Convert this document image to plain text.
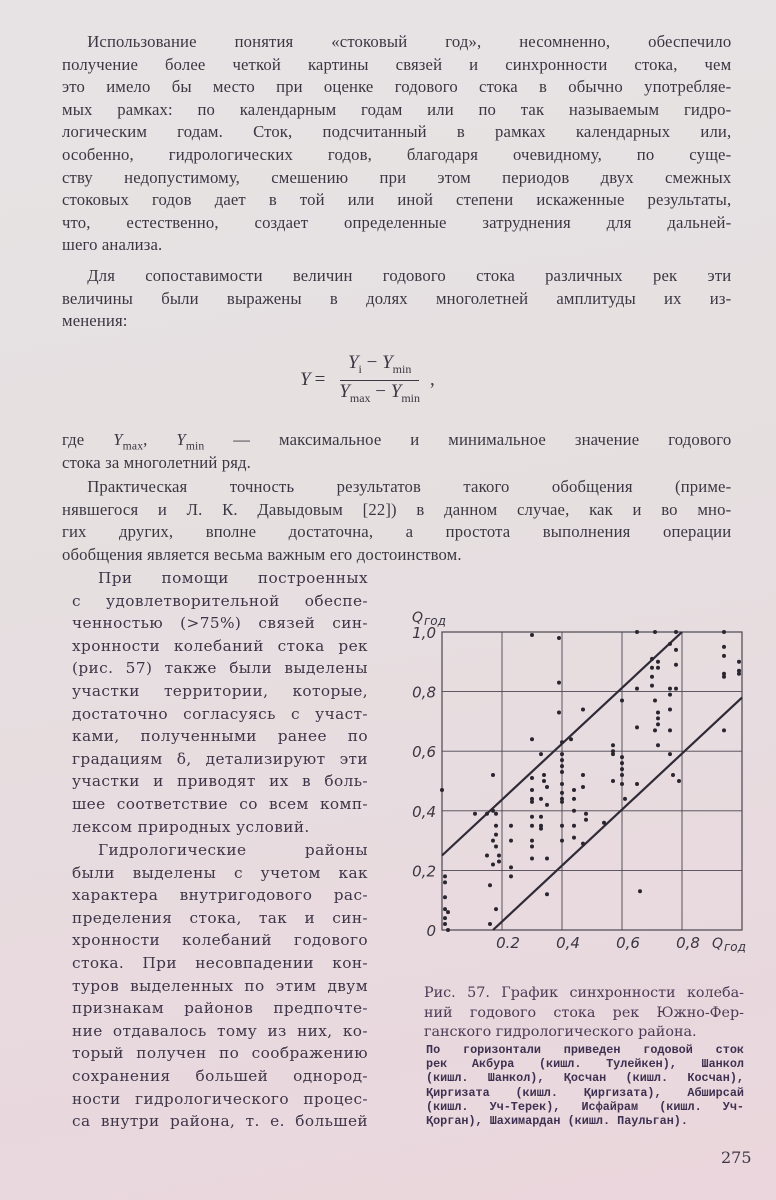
Использование понятия «стоковый год», несомненно, обеспечило
получение более четкой картины связей и синхронности стока, чем
это имело бы место при оценке годового стока в обычно употребляе-
мых рамках: по календарным годам или по так называемым гидро-
логическим годам. Сток, подсчитанный в рамках календарных или,
особенно, гидрологических годов, благодаря очевидному, по суще-
ству недопустимому, смешению при этом периодов двух смежных
стоковых годов дает в той или иной степени искаженные результаты,
что, естественно, создает определенные затруднения для дальней-
шего анализа.
Для сопоставимости величин годового стока различных рек эти
величины были выражены в долях многолетней амплитуды их из-
менения:
$Y = \frac{Y_i - Y_{min}}{Y_{max} - Y_{min}}$ ,
где $Y_{max}$, $Y_{min}$ — максимальное и минимальное значение годового
стока за многолетний ряд.
Практическая точность результатов такого обобщения (приме-
нявшегося и Л. К. Давыдовым [22]) в данном случае, как и во мно-
гих других, вполне достаточна, а простота выполнения операции
обобщения является весьма важным его достоинством.
При помощи построенных
с удовлетворительной обеспе-
ченностью (>75%) связей син-
хронности колебаний стока рек
(рис. 57) также были выделены
участки территории, которые,
достаточно согласуясь с участ-
ками, полученными ранее по
градациям δ, детализируют эти
участки и приводят их в боль-
шее соответствие со всем комп-
лексом природных условий.
Гидрологические районы
были выделены с учетом как
характера внутригодового рас-
пределения стока, так и син-
хронности колебаний годового
стока. При несовпадении кон-
туров выделенных по этим двум
признакам районов предпочте-
ние отдавалось тому из них, ко-
торый получен по соображению
сохранения большей однород-
ности гидрологического процес-
са внутри района, т. е. большей
0
0,2
0,4
0,6
0,8
1,0
0.2 0,4 0,6 0,8
Q год
Q год
Рис. 57. График синхронности колеба-
ний годового стока рек Южно-Фер-
ганского гидрологического района.
По горизонтали приведен годовой сток
рек Акбура (кишл. Тулейкен), Шанкол
(кишл. Шанкол), Қосчан (кишл. Косчан),
Қиргизата (кишл. Қиргизата), Абширсай
(кишл. Уч-Терек), Исфайрам (кишл. Уч-
Қорган), Шахимардан (кишл. Паульган).
275
